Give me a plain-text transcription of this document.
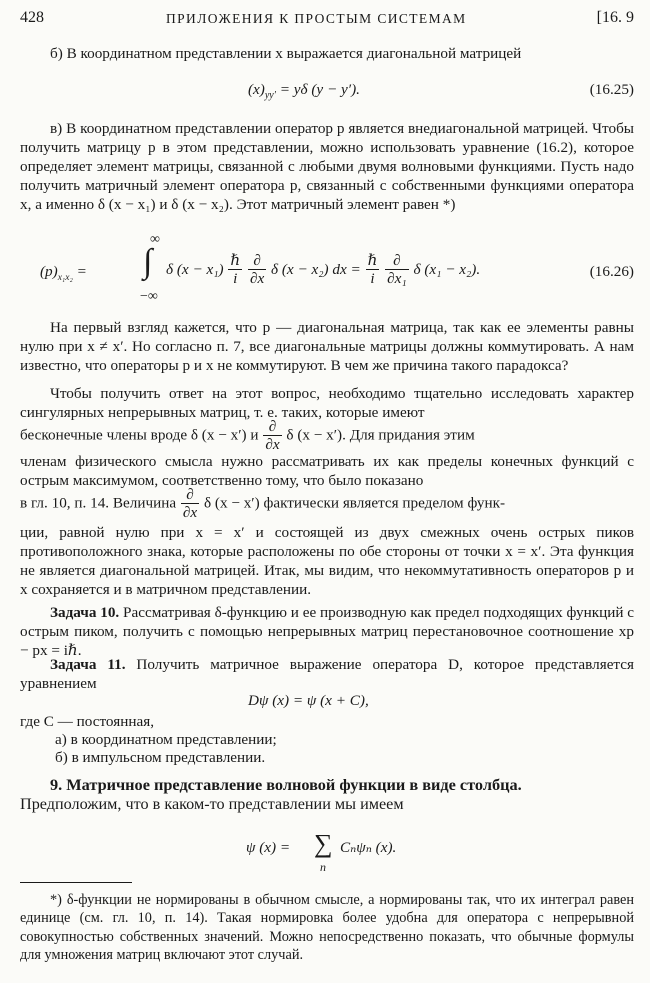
428	ПРИЛОЖЕНИЯ К ПРОСТЫМ СИСТЕМАМ	[16. 9
б) В координатном представлении x выражается диагональной матрицей
$(x)_{yy'} = y\delta$ (y − y′).	(16.25)
в) В координатном представлении оператор p является внедиагональной матрицей. Чтобы получить матрицу p в этом представлении, можно использовать уравнение (16.2), которое определяет элемент матрицы, связанной с любыми двумя волновыми функциями. Пусть надо получить матричный элемент оператора p, связанный с собственными функциями оператора x, а именно δ (x − x₁) и δ (x − x₂). Этот матричный элемент равен *)
$(p)_{x_1x_2}$ =
∞
∫
−∞
δ $(x - x_1) \frac{\text{ℏ}}{i}$
$\frac{\partial}{\partial x}$ δ (x − x₂) dx = $\frac{\text{ℏ}}{i}$
$\frac{\partial}{\text{∂x₁}}$ δ (x₁ − x₂).	(16.26)
На первый взгляд кажется, что p — диагональная матрица, так как ее элементы равны нулю при x ≠ x′. Но согласно п. 7, все диагональные матрицы должны коммутировать. А нам известно, что операторы p и x не коммутируют. В чем же причина такого парадокса?
Чтобы получить ответ на этот вопрос, необходимо тщательно исследовать характер сингулярных непрерывных матриц, т. е. таких, которые имеют
бесконечные члены вроде δ (x − x′) и $\frac{\partial}{\partial x}$ δ (x − x′). Для придания этим
членам физического смысла нужно рассматривать их как пределы конечных функций с острым максимумом, соответственно тому, что было показано
в гл. 10, п. 14. Величина $\frac{\partial}{\partial x}$ δ (x − x′) фактически является пределом функ-
ции, равной нулю при x = x′ и состоящей из двух смежных очень острых пиков противоположного знака, которые расположены по обе стороны от точки x = x′. Эта функция не является диагональной матрицей. Итак, мы видим, что некоммутативность операторов p и x сохраняется и в матричном представлении.
Задача 10. Рассматривая δ-функцию и ее производную как предел подходящих функций с острым пиком, получить с помощью непрерывных матриц перестановочное соотношение xp − px = iℏ.
Задача 11. Получить матричное выражение оператора D, которое представляется уравнением
Dψ (x) = ψ (x + C),
где C — постоянная,
а) в координатном представлении;
б) в импульсном представлении.
9. Матричное представление волновой функции в виде столбца.
Предположим, что в каком-то представлении мы имеем
ψ (x) = ∑
n
Cₙψₙ (x).
*) δ-функции не нормированы в обычном смысле, а нормированы так, что их интеграл равен единице (см. гл. 10, п. 14). Такая нормировка более удобна для оператора с непрерывной совокупностью собственных значений. Можно непосредственно показать, что обычные формулы для умножения матриц включают этот случай.
